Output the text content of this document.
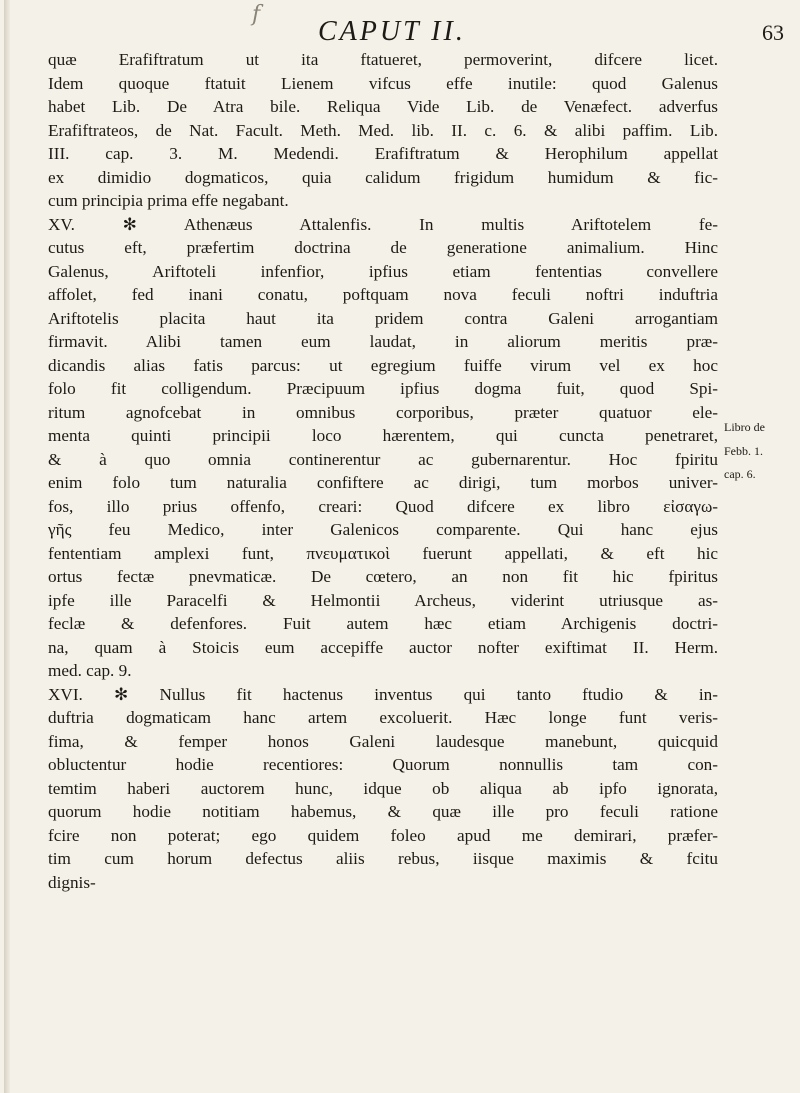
f
CAPUT II.	63
quæ Erafiftratum ut ita ftatueret, permoverint, difcere licet.
Idem quoque ftatuit Lienem vifcus effe inutile: quod Galenus
habet Lib. De Atra bile. Reliqua Vide Lib. de Venæfect. adverfus
Erafiftrateos, de Nat. Facult. Meth. Med. lib. II. c. 6. & alibi paffim. Lib.
III. cap. 3. M. Medendi. Erafiftratum & Herophilum appellat
ex dimidio dogmaticos, quia calidum frigidum humidum & fic-
cum principia prima effe negabant.
XV. ✻ Athenæus Attalenfis. In multis Ariftotelem fe-
cutus eft, præfertim doctrina de generatione animalium. Hinc
Galenus, Ariftoteli infenfior, ipfius etiam fententias convellere
affolet, fed inani conatu, poftquam nova feculi noftri induftria
Ariftotelis placita haut ita pridem contra Galeni arrogantiam
firmavit. Alibi tamen eum laudat, in aliorum meritis præ-
dicandis alias fatis parcus: ut egregium fuiffe virum vel ex hoc
folo fit colligendum. Præcipuum ipfius dogma fuit, quod Spi-
ritum agnofcebat in omnibus corporibus, præter quatuor ele-
menta quinti principii loco hærentem, qui cuncta penetraret,
& à quo omnia continerentur ac gubernarentur. Hoc fpiritu
enim folo tum naturalia confiftere ac dirigi, tum morbos univer-
fos, illo prius offenfo, creari: Quod difcere ex libro εἰσαγω-
γῆς feu Medico, inter Galenicos comparente. Qui hanc ejus
fententiam amplexi funt, πνευματικοὶ fuerunt appellati, & eft hic
ortus fectæ pnevmaticæ. De cœtero, an non fit hic fpiritus
ipfe ille Paracelfi & Helmontii Archeus, viderint utriusque as-
feclæ & defenfores. Fuit autem hæc etiam Archigenis doctri-
na, quam à Stoicis eum accepiffe auctor nofter exiftimat II. Herm.
med. cap. 9.
XVI. ✻ Nullus fit hactenus inventus qui tanto ftudio & in-
duftria dogmaticam hanc artem excoluerit. Hæc longe funt veris-
fima, & femper honos Galeni laudesque manebunt, quicquid
obluctentur hodie recentiores: Quorum nonnullis tam con-
temtim haberi auctorem hunc, idque ob aliqua ab ipfo ignorata,
quorum hodie notitiam habemus, & quæ ille pro feculi ratione
fcire non poterat; ego quidem foleo apud me demirari, præfer-
tim cum horum defectus aliis rebus, iisque maximis & fcitu
dignis-
Libro de
Febb. 1.
cap. 6.
